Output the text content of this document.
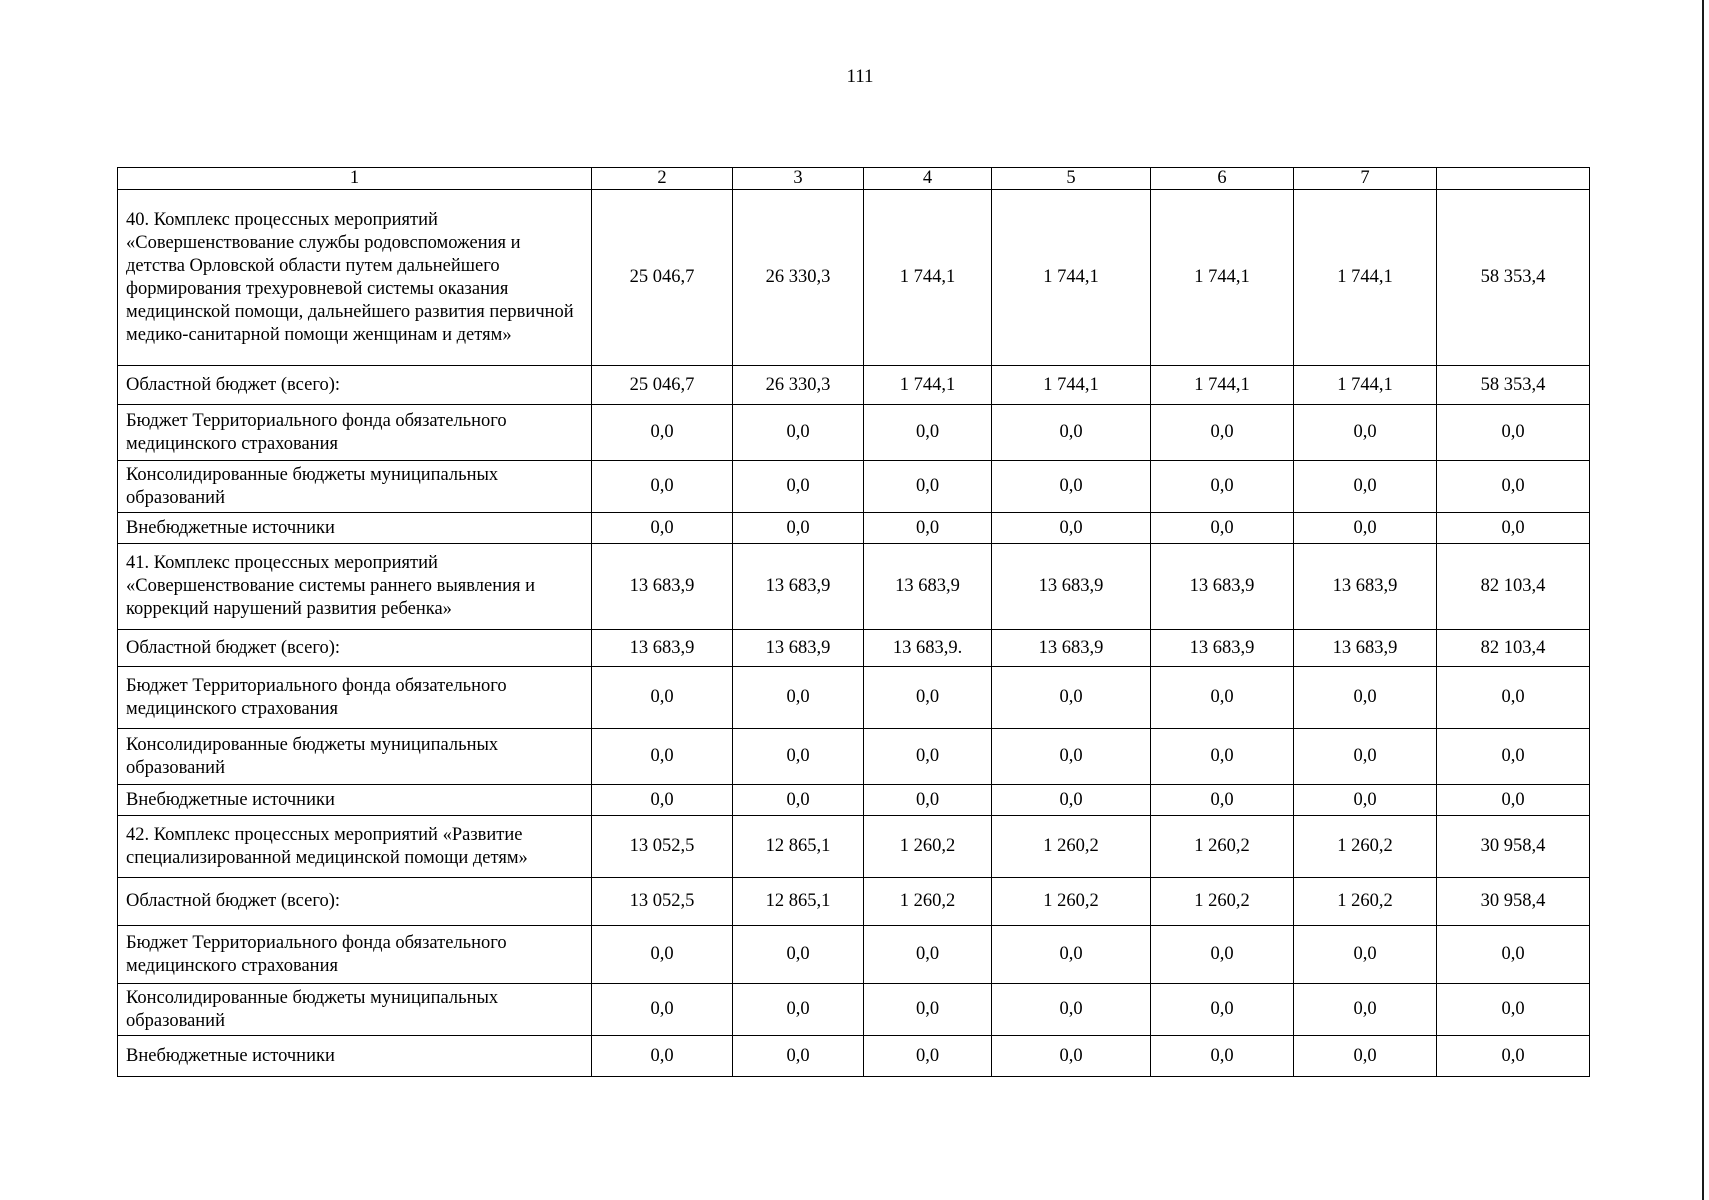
111
1	2	3	4	5	6	7	
40. Комплекс процессных мероприятий «Совершенствование службы родовспоможения и детства Орловской области путем дальнейшего формирования трехуровневой системы оказания медицинской помощи, дальнейшего развития первичной медико-санитарной помощи женщинам и детям»	25 046,7	26 330,3	1 744,1	1 744,1	1 744,1	1 744,1	58 353,4
Областной бюджет (всего):	25 046,7	26 330,3	1 744,1	1 744,1	1 744,1	1 744,1	58 353,4
Бюджет Территориального фонда обязательного медицинского страхования	0,0	0,0	0,0	0,0	0,0	0,0	0,0
Консолидированные бюджеты муниципальных образований	0,0	0,0	0,0	0,0	0,0	0,0	0,0
Внебюджетные источники	0,0	0,0	0,0	0,0	0,0	0,0	0,0
41. Комплекс процессных мероприятий «Совершенствование системы раннего выявления и коррекций нарушений развития ребенка»	13 683,9	13 683,9	13 683,9	13 683,9	13 683,9	13 683,9	82 103,4
Областной бюджет (всего):	13 683,9	13 683,9	13 683,9.	13 683,9	13 683,9	13 683,9	82 103,4
Бюджет Территориального фонда обязательного медицинского страхования	0,0	0,0	0,0	0,0	0,0	0,0	0,0
Консолидированные бюджеты муниципальных образований	0,0	0,0	0,0	0,0	0,0	0,0	0,0
Внебюджетные источники	0,0	0,0	0,0	0,0	0,0	0,0	0,0
42. Комплекс процессных мероприятий «Развитие специализированной медицинской помощи детям»	13 052,5	12 865,1	1 260,2	1 260,2	1 260,2	1 260,2	30 958,4
Областной бюджет (всего):	13 052,5	12 865,1	1 260,2	1 260,2	1 260,2	1 260,2	30 958,4
Бюджет Территориального фонда обязательного медицинского страхования	0,0	0,0	0,0	0,0	0,0	0,0	0,0
Консолидированные бюджеты муниципальных образований	0,0	0,0	0,0	0,0	0,0	0,0	0,0
Внебюджетные источники	0,0	0,0	0,0	0,0	0,0	0,0	0,0
